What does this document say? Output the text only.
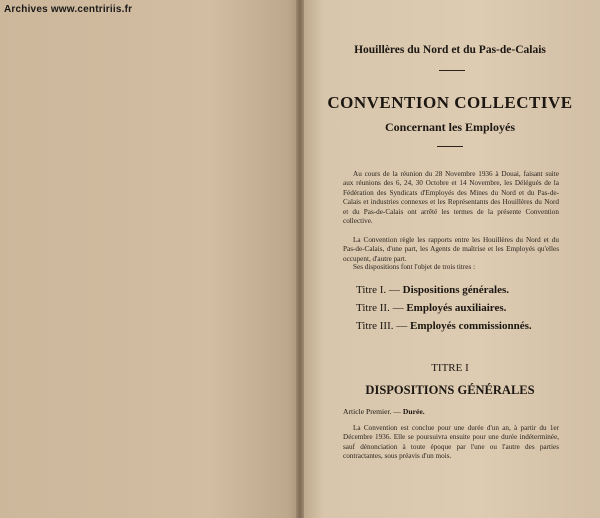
Archives www.centririis.fr
Houillères du Nord et du Pas-de-Calais
CONVENTION COLLECTIVE
Concernant les Employés
Au cours de la réunion du 28 Novembre 1936 à Douai, faisant suite aux réunions des 6, 24, 30 Octobre et 14 Novembre, les Délégués de la Fédération des Syndicats d'Employés des Mines du Nord et du Pas-de-Calais et industries connexes et les Représentants des Houillères du Nord et du Pas-de-Calais ont arrêté les termes de la présente Convention collective.
La Convention règle les rapports entre les Houillères du Nord et du Pas-de-Calais, d'une part, les Agents de maîtrise et les Employés qu'elles occupent, d'autre part.
Ses dispositions font l'objet de trois titres :
Titre I. — Dispositions générales.
Titre II. — Employés auxiliaires.
Titre III. — Employés commissionnés.
TITRE I
DISPOSITIONS GÉNÉRALES
Article Premier. — Durée.
La Convention est conclue pour une durée d'un an, à partir du 1er Décembre 1936. Elle se poursuivra ensuite pour une durée indéterminée, sauf dénonciation à toute époque par l'une ou l'autre des parties contractantes, sous préavis d'un mois.
